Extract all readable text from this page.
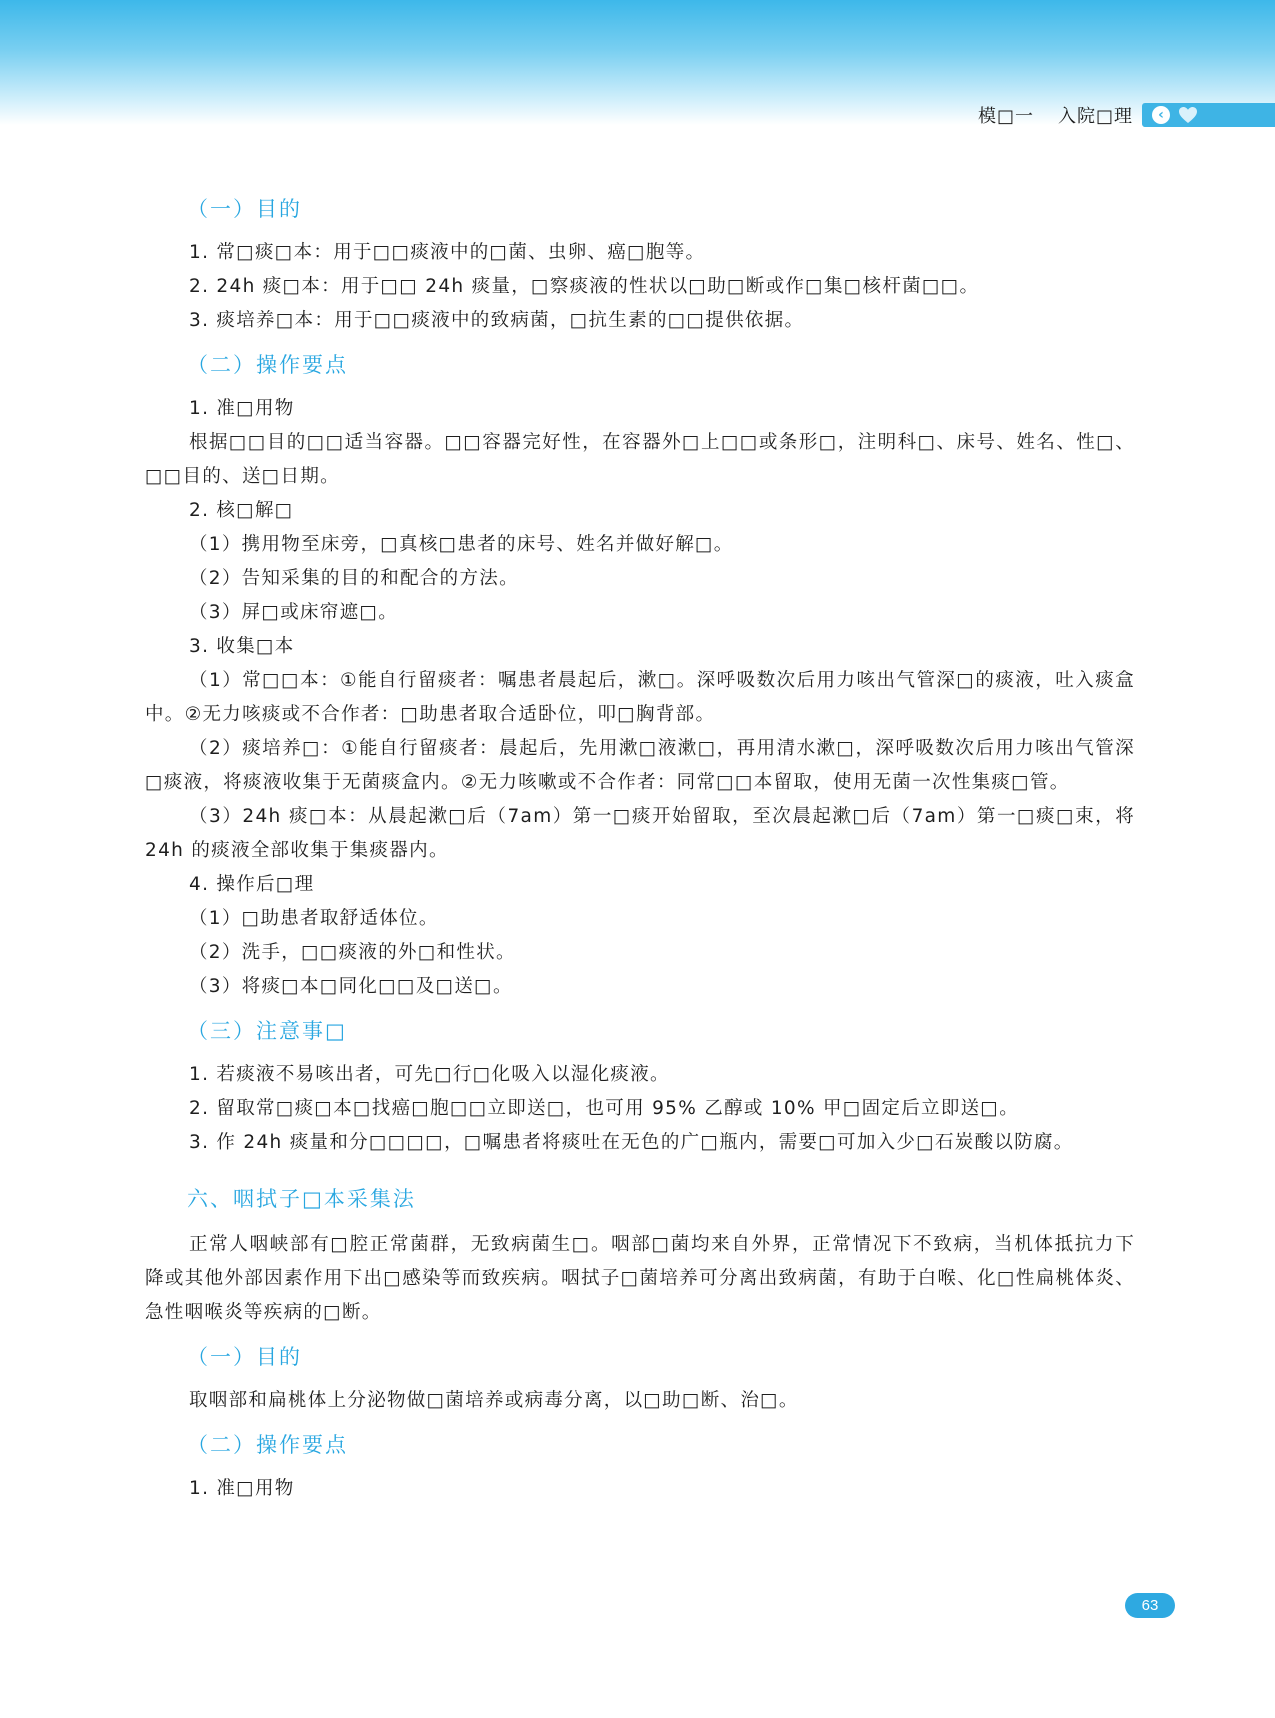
模□一 入院□理	‹
（一）目的

1. 常□痰□本：用于□□痰液中的□菌、虫卵、癌□胞等。

2. 24h 痰□本：用于□□ 24h 痰量，□察痰液的性状以□助□断或作□集□核杆菌□□。

3. 痰培养□本：用于□□痰液中的致病菌，□抗生素的□□提供依据。

（二）操作要点

1. 准□用物

根据□□目的□□适当容器。□□容器完好性，在容器外□上□□或条形□，注明科□、床号、姓名、性□、□□目的、送□日期。

2. 核□解□

（1）携用物至床旁，□真核□患者的床号、姓名并做好解□。

（2）告知采集的目的和配合的方法。

（3）屏□或床帘遮□。

3. 收集□本

（1）常□□本：①能自行留痰者：嘱患者晨起后，漱□。深呼吸数次后用力咳出气管深□的痰液，吐入痰盒中。②无力咳痰或不合作者：□助患者取合适卧位，叩□胸背部。

（2）痰培养□：①能自行留痰者：晨起后，先用漱□液漱□，再用清水漱□，深呼吸数次后用力咳出气管深□痰液，将痰液收集于无菌痰盒内。②无力咳嗽或不合作者：同常□□本留取，使用无菌一次性集痰□管。

（3）24h 痰□本：从晨起漱□后（7am）第一□痰开始留取，至次晨起漱□后（7am）第一□痰□束，将 24h 的痰液全部收集于集痰器内。

4. 操作后□理

（1）□助患者取舒适体位。

（2）洗手，□□痰液的外□和性状。

（3）将痰□本□同化□□及□送□。

（三）注意事□

1. 若痰液不易咳出者，可先□行□化吸入以湿化痰液。

2. 留取常□痰□本□找癌□胞□□立即送□，也可用 95% 乙醇或 10% 甲□固定后立即送□。

3. 作 24h 痰量和分□□□□，□嘱患者将痰吐在无色的广□瓶内，需要□可加入少□石炭酸以防腐。

六、咽拭子□本采集法

正常人咽峡部有□腔正常菌群，无致病菌生□。咽部□菌均来自外界，正常情况下不致病，当机体抵抗力下降或其他外部因素作用下出□感染等而致疾病。咽拭子□菌培养可分离出致病菌，有助于白喉、化□性扁桃体炎、急性咽喉炎等疾病的□断。

（一）目的

取咽部和扁桃体上分泌物做□菌培养或病毒分离，以□助□断、治□。

（二）操作要点

1. 准□用物

63
